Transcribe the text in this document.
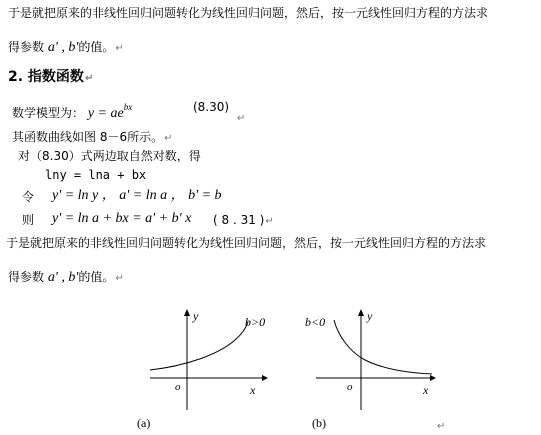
于是就把原来的非线性回归问题转化为线性回归问题，然后，按一元线性回归方程的方法求
得参数 a' , b'的值。↵
2. 指数函数↵
数学模型为： $y = ae^{bx}$	(8.30)
↵
其函数曲线如图 8－6所示。↵
对（8.30）式两边取自然对数，得
lny = lna + bx
令 y' = ln y ， a' = ln a ， b' = b
则 y' = ln a + bx = a' + b' x ( 8 . 31 )↵
于是就把原来的非线性回归问题转化为线性回归问题，然后，按一元线性回归方程的方法求
得参数 a' , b'的值。↵
y	b>0
o	x
(a)
y
b<0
o	x
(b)	↵
